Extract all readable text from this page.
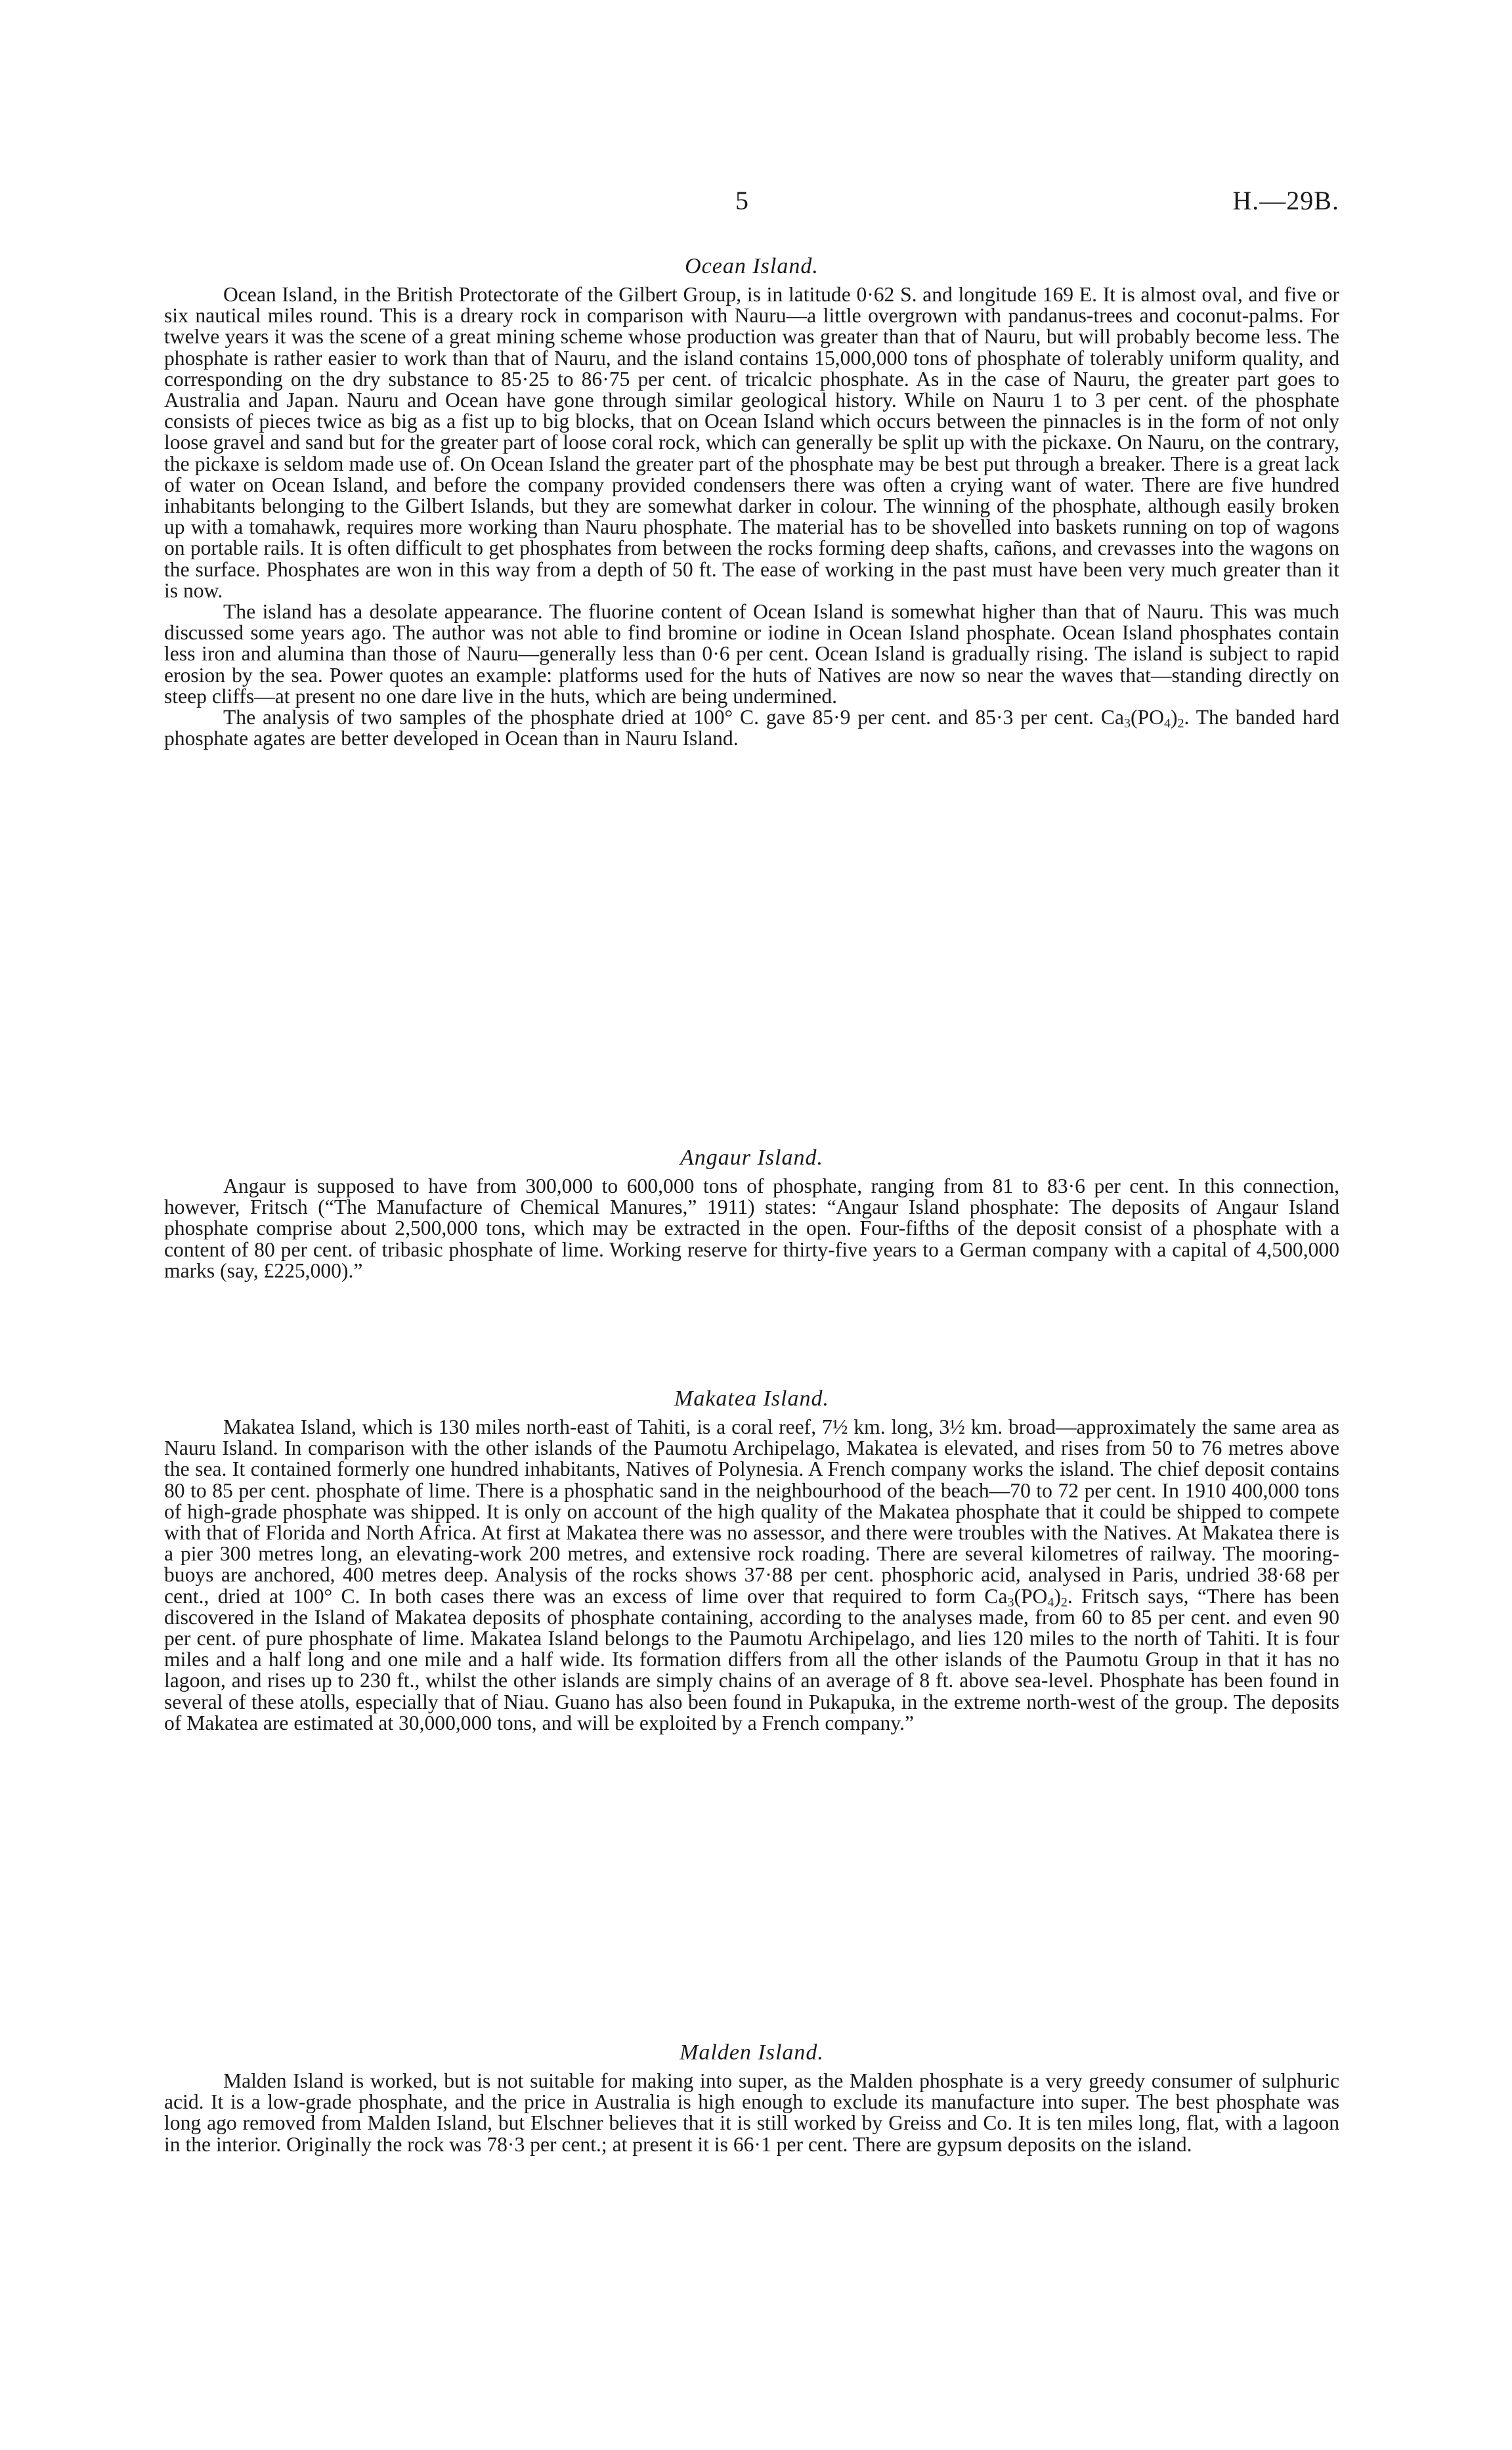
5	H.—29B.
Ocean Island.

Ocean Island, in the British Protectorate of the Gilbert Group, is in latitude 0·62 S. and longitude 169 E. It is almost oval, and five or six nautical miles round. This is a dreary rock in comparison with Nauru—a little overgrown with pandanus-trees and coconut-palms. For twelve years it was the scene of a great mining scheme whose production was greater than that of Nauru, but will probably become less. The phosphate is rather easier to work than that of Nauru, and the island contains 15,000,000 tons of phosphate of tolerably uniform quality, and corresponding on the dry substance to 85·25 to 86·75 per cent. of tricalcic phosphate. As in the case of Nauru, the greater part goes to Australia and Japan. Nauru and Ocean have gone through similar geological history. While on Nauru 1 to 3 per cent. of the phosphate consists of pieces twice as big as a fist up to big blocks, that on Ocean Island which occurs between the pinnacles is in the form of not only loose gravel and sand but for the greater part of loose coral rock, which can generally be split up with the pickaxe. On Nauru, on the contrary, the pickaxe is seldom made use of. On Ocean Island the greater part of the phosphate may be best put through a breaker. There is a great lack of water on Ocean Island, and before the company provided condensers there was often a crying want of water. There are five hundred inhabitants belonging to the Gilbert Islands, but they are somewhat darker in colour. The winning of the phosphate, although easily broken up with a tomahawk, requires more working than Nauru phosphate. The material has to be shovelled into baskets running on top of wagons on portable rails. It is often difficult to get phosphates from between the rocks forming deep shafts, cañons, and crevasses into the wagons on the surface. Phosphates are won in this way from a depth of 50 ft. The ease of working in the past must have been very much greater than it is now.

The island has a desolate appearance. The fluorine content of Ocean Island is somewhat higher than that of Nauru. This was much discussed some years ago. The author was not able to find bromine or iodine in Ocean Island phosphate. Ocean Island phosphates contain less iron and alumina than those of Nauru—generally less than 0·6 per cent. Ocean Island is gradually rising. The island is subject to rapid erosion by the sea. Power quotes an example: platforms used for the huts of Natives are now so near the waves that—standing directly on steep cliffs—at present no one dare live in the huts, which are being undermined.

The analysis of two samples of the phosphate dried at 100° C. gave 85·9 per cent. and 85·3 per cent. $Ca_3(PO_4)_2$. The banded hard phosphate agates are better developed in Ocean than in Nauru Island.

Angaur Island.

Angaur is supposed to have from 300,000 to 600,000 tons of phosphate, ranging from 81 to 83·6 per cent. In this connection, however, Fritsch (“The Manufacture of Chemical Manures,” 1911) states: “Angaur Island phosphate: The deposits of Angaur Island phosphate comprise about 2,500,000 tons, which may be extracted in the open. Four-fifths of the deposit consist of a phosphate with a content of 80 per cent. of tribasic phosphate of lime. Working reserve for thirty-five years to a German company with a capital of 4,500,000 marks (say, £225,000).”

Makatea Island.

Makatea Island, which is 130 miles north-east of Tahiti, is a coral reef, 7½ km. long, 3½ km. broad—approximately the same area as Nauru Island. In comparison with the other islands of the Paumotu Archipelago, Makatea is elevated, and rises from 50 to 76 metres above the sea. It contained formerly one hundred inhabitants, Natives of Polynesia. A French company works the island. The chief deposit contains 80 to 85 per cent. phosphate of lime. There is a phosphatic sand in the neighbourhood of the beach—70 to 72 per cent. In 1910 400,000 tons of high-grade phosphate was shipped. It is only on account of the high quality of the Makatea phosphate that it could be shipped to compete with that of Florida and North Africa. At first at Makatea there was no assessor, and there were troubles with the Natives. At Makatea there is a pier 300 metres long, an elevating-work 200 metres, and extensive rock roading. There are several kilometres of railway. The mooring-buoys are anchored, 400 metres deep. Analysis of the rocks shows 37·88 per cent. phosphoric acid, analysed in Paris, undried 38·68 per cent., dried at 100° C. In both cases there was an excess of lime over that required to form $Ca_3(PO_4)_2$. Fritsch says, “There has been discovered in the Island of Makatea deposits of phosphate containing, according to the analyses made, from 60 to 85 per cent. and even 90 per cent. of pure phosphate of lime. Makatea Island belongs to the Paumotu Archipelago, and lies 120 miles to the north of Tahiti. It is four miles and a half long and one mile and a half wide. Its formation differs from all the other islands of the Paumotu Group in that it has no lagoon, and rises up to 230 ft., whilst the other islands are simply chains of an average of 8 ft. above sea-level. Phosphate has been found in several of these atolls, especially that of Niau. Guano has also been found in Pukapuka, in the extreme north-west of the group. The deposits of Makatea are estimated at 30,000,000 tons, and will be exploited by a French company.”

Malden Island.

Malden Island is worked, but is not suitable for making into super, as the Malden phosphate is a very greedy consumer of sulphuric acid. It is a low-grade phosphate, and the price in Australia is high enough to exclude its manufacture into super. The best phosphate was long ago removed from Malden Island, but Elschner believes that it is still worked by Greiss and Co. It is ten miles long, flat, with a lagoon in the interior. Originally the rock was 78·3 per cent.; at present it is 66·1 per cent. There are gypsum deposits on the island.
